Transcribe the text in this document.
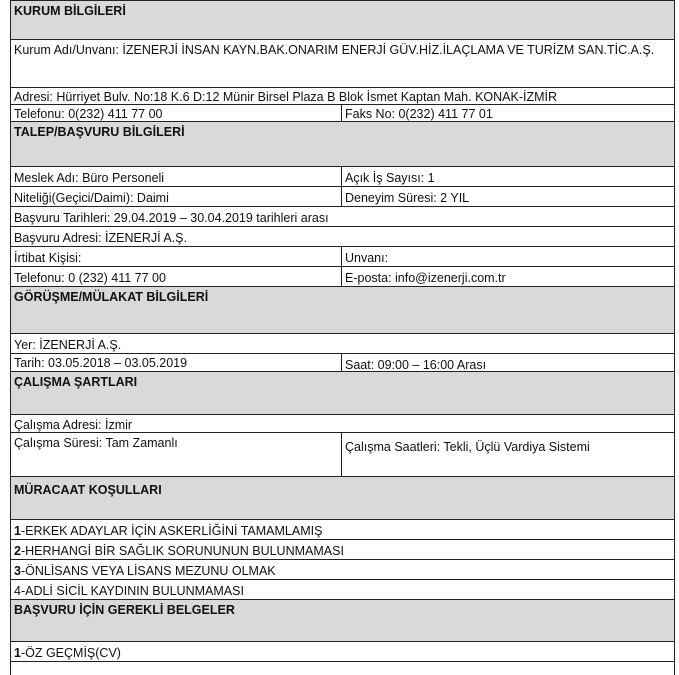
KURUM BİLGİLERİ
Kurum Adı/Unvanı: İZENERJİ İNSAN KAYN.BAK.ONARIM ENERJİ GÜV.HİZ.İLAÇLAMA VE TURİZM SAN.TİC.A.Ş.
Adresi: Hürriyet Bulv. No:18 K.6 D:12 Münir Birsel Plaza B Blok İsmet Kaptan Mah. KONAK-İZMİR
Telefonu: 0(232) 411 77 00	Faks No: 0(232) 411 77 01
TALEP/BAŞVURU BİLGİLERİ
Meslek Adı: Büro Personeli	Açık İş Sayısı: 1
Niteliği(Geçici/Daimi): Daimi	Deneyim Süresi: 2 YIL
Başvuru Tarihleri: 29.04.2019 – 30.04.2019 tarihleri arası
Başvuru Adresi: İZENERJİ A.Ş.
İrtibat Kişisi:	Unvanı:
Telefonu: 0 (232) 411 77 00	E-posta: info@izenerji.com.tr
GÖRÜŞME/MÜLAKAT BİLGİLERİ
Yer: İZENERJİ A.Ş.
Tarih: 03.05.2018 – 03.05.2019	Saat: 09:00 – 16:00 Arası
ÇALIŞMA ŞARTLARI
Çalışma Adresi: İzmir
Çalışma Süresi: Tam Zamanlı	Çalışma Saatleri: Tekli, Üçlü Vardiya Sistemi
MÜRACAAT KOŞULLARI
1-ERKEK ADAYLAR İÇİN ASKERLİĞİNİ TAMAMLAMIŞ
2-HERHANGİ BİR SAĞLIK SORUNUNUN BULUNMAMASI
3-ÖNLİSANS VEYA LİSANS MEZUNU OLMAK
4-ADLİ SİCİL KAYDININ BULUNMAMASI
BAŞVURU İÇİN GEREKLİ BELGELER
1-ÖZ GEÇMİŞ(CV)
